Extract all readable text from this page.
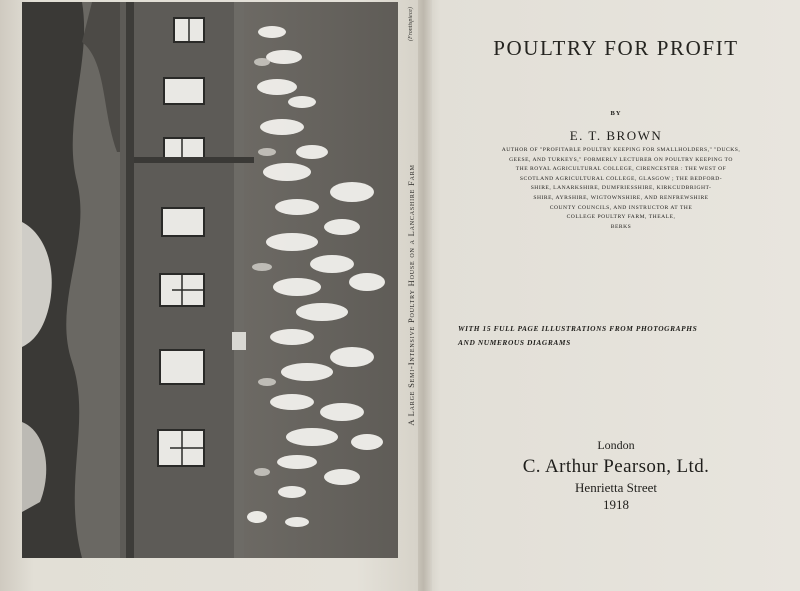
(Frontispiece)
A Large Semi-Intensive Poultry House on a Lancashire Farm
POULTRY FOR PROFIT
BY
E. T. BROWN
AUTHOR OF "PROFITABLE POULTRY KEEPING FOR SMALLHOLDERS," "DUCKS,
GEESE, AND TURKEYS," FORMERLY LECTURER ON POULTRY KEEPING TO
THE ROYAL AGRICULTURAL COLLEGE, CIRENCESTER : THE WEST OF
SCOTLAND AGRICULTURAL COLLEGE, GLASGOW ; THE BEDFORD-
SHIRE, LANARKSHIRE, DUMFRIESSHIRE, KIRKCUDBRIGHT-
SHIRE, AYRSHIRE, WIGTOWNSHIRE, AND RENFREWSHIRE
COUNTY COUNCILS, AND INSTRUCTOR AT THE
COLLEGE POULTRY FARM, THEALE,
BERKS
WITH 15 FULL PAGE ILLUSTRATIONS FROM PHOTOGRAPHS
AND NUMEROUS DIAGRAMS
London
C. Arthur Pearson, Ltd.
Henrietta Street
1918
